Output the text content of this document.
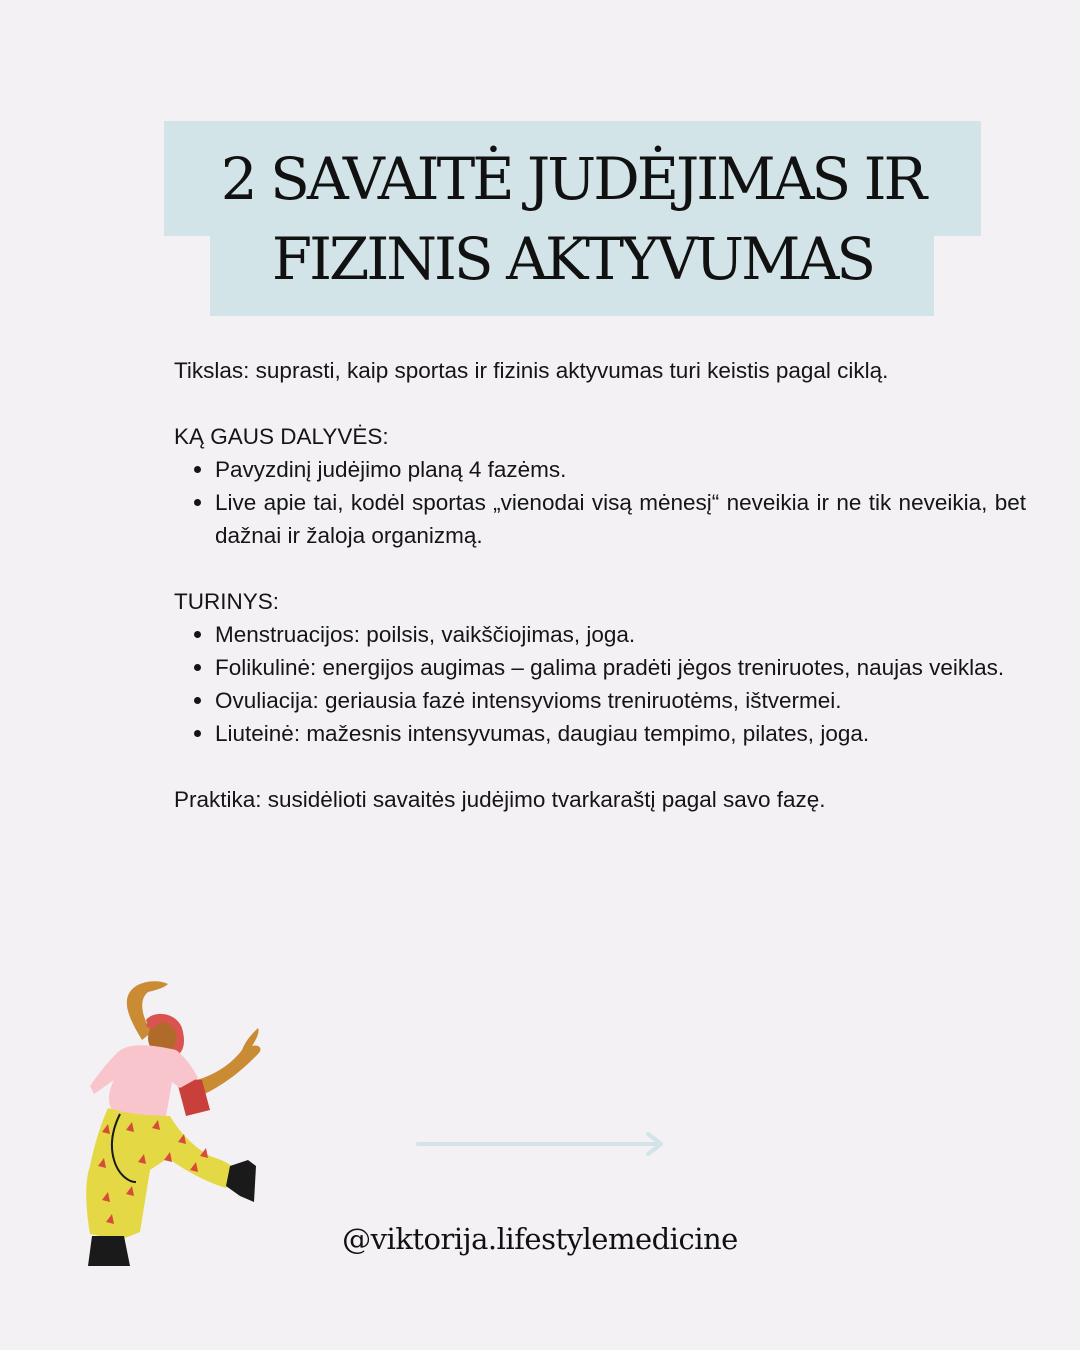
2 SAVAITĖ JUDĖJIMAS IR
FIZINIS AKTYVUMAS

Tikslas: suprasti, kaip sportas ir fizinis aktyvumas turi keistis pagal ciklą.

KĄ GAUS DALYVĖS:

Pavyzdinį judėjimo planą 4 fazėms.
Live apie tai, kodėl sportas „vienodai visą mėnesį“ neveikia ir ne tik neveikia, bet dažnai ir žaloja organizmą.

TURINYS:

Menstruacijos: poilsis, vaikščiojimas, joga.
Folikulinė: energijos augimas – galima pradėti jėgos treniruotes, naujas veiklas.
Ovuliacija: geriausia fazė intensyvioms treniruotėms, ištvermei.
Liuteinė: mažesnis intensyvumas, daugiau tempimo, pilates, joga.

Praktika: susidėlioti savaitės judėjimo tvarkaraštį pagal savo fazę.

@viktorija.lifestylemedicine
